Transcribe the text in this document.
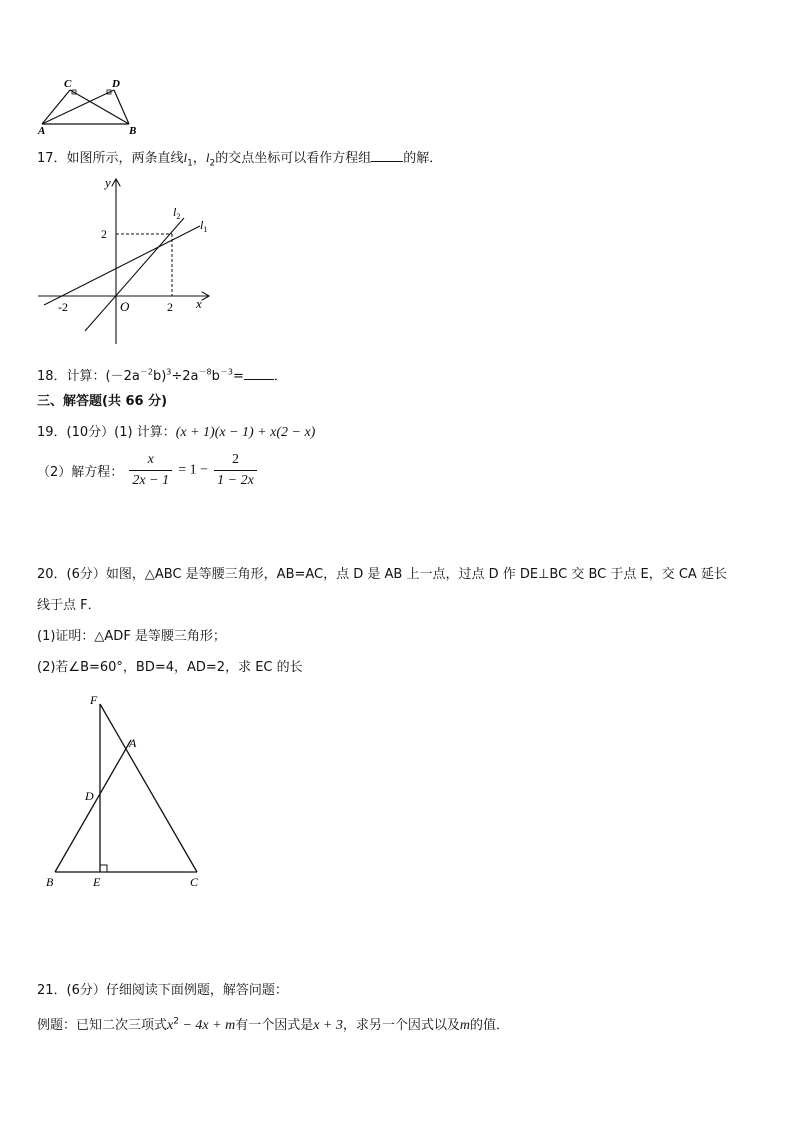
C	D
A	B
17．如图所示，两条直线$l_1$，$l_2$的交点坐标可以看作方程组 的解．
y
x
O
-2	2
2
$l_2$
$l_1$
18．计算：$(-2a^{-2}b)^3\div 2a^{-8}b^{-3}=$ ．
三、解答题(共 66 分)
19．(10分）(1) 计算：(x + 1)(x − 1) + x(2 − x)
（2）解方程： $\frac{x}{2x - 1} = 1 - \frac{2}{1 - 2x}$
20．(6分）如图，△ABC 是等腰三角形，AB=AC，点 D 是 AB 上一点，过点 D 作 DE⊥BC 交 BC 于点 E，交 CA 延长
线于点 F．
(1)证明：△ADF 是等腰三角形；
(2)若∠B=60°，BD=4，AD=2，求 EC 的长
F
A
D
B	E	C
21．(6分）仔细阅读下面例题，解答问题：
例题：已知二次三项式$x^2 - 4x + m$有一个因式是x + 3，求另一个因式以及m的值．
